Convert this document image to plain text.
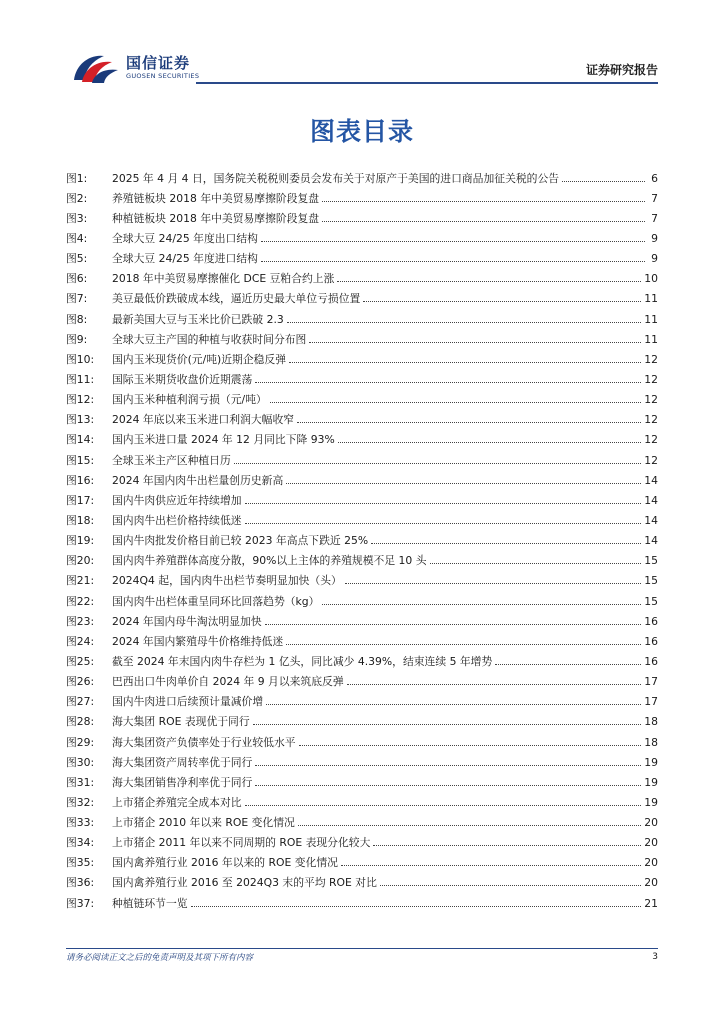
国信证券
GUOSEN SECURITIES	证券研究报告
图表目录
图1:	2025 年 4 月 4 日，国务院关税税则委员会发布关于对原产于美国的进口商品加征关税的公告	6
图2:	养殖链板块 2018 年中美贸易摩擦阶段复盘	7
图3:	种植链板块 2018 年中美贸易摩擦阶段复盘	7
图4:	全球大豆 24/25 年度出口结构	9
图5:	全球大豆 24/25 年度进口结构	9
图6:	2018 年中美贸易摩擦催化 DCE 豆粕合约上涨	10
图7:	美豆最低价跌破成本线，逼近历史最大单位亏损位置	11
图8:	最新美国大豆与玉米比价已跌破 2.3	11
图9:	全球大豆主产国的种植与收获时间分布图	11
图10:	国内玉米现货价(元/吨)近期企稳反弹	12
图11:	国际玉米期货收盘价近期震荡	12
图12:	国内玉米种植利润亏损（元/吨）	12
图13:	2024 年底以来玉米进口利润大幅收窄	12
图14:	国内玉米进口量 2024 年 12 月同比下降 93%	12
图15:	全球玉米主产区种植日历	12
图16:	2024 年国内肉牛出栏量创历史新高	14
图17:	国内牛肉供应近年持续增加	14
图18:	国内肉牛出栏价格持续低迷	14
图19:	国内牛肉批发价格目前已较 2023 年高点下跌近 25%	14
图20:	国内肉牛养殖群体高度分散，90%以上主体的养殖规模不足 10 头	15
图21:	2024Q4 起，国内肉牛出栏节奏明显加快（头）	15
图22:	国内肉牛出栏体重呈同环比回落趋势（kg）	15
图23:	2024 年国内母牛淘汰明显加快	16
图24:	2024 年国内繁殖母牛价格维持低迷	16
图25:	截至 2024 年末国内肉牛存栏为 1 亿头，同比减少 4.39%，结束连续 5 年增势	16
图26:	巴西出口牛肉单价自 2024 年 9 月以来筑底反弹	17
图27:	国内牛肉进口后续预计量减价增	17
图28:	海大集团 ROE 表现优于同行	18
图29:	海大集团资产负债率处于行业较低水平	18
图30:	海大集团资产周转率优于同行	19
图31:	海大集团销售净利率优于同行	19
图32:	上市猪企养殖完全成本对比	19
图33:	上市猪企 2010 年以来 ROE 变化情况	20
图34:	上市猪企 2011 年以来不同周期的 ROE 表现分化较大	20
图35:	国内禽养殖行业 2016 年以来的 ROE 变化情况	20
图36:	国内禽养殖行业 2016 至 2024Q3 末的平均 ROE 对比	20
图37:	种植链环节一览	21
请务必阅读正文之后的免责声明及其项下所有内容	3
